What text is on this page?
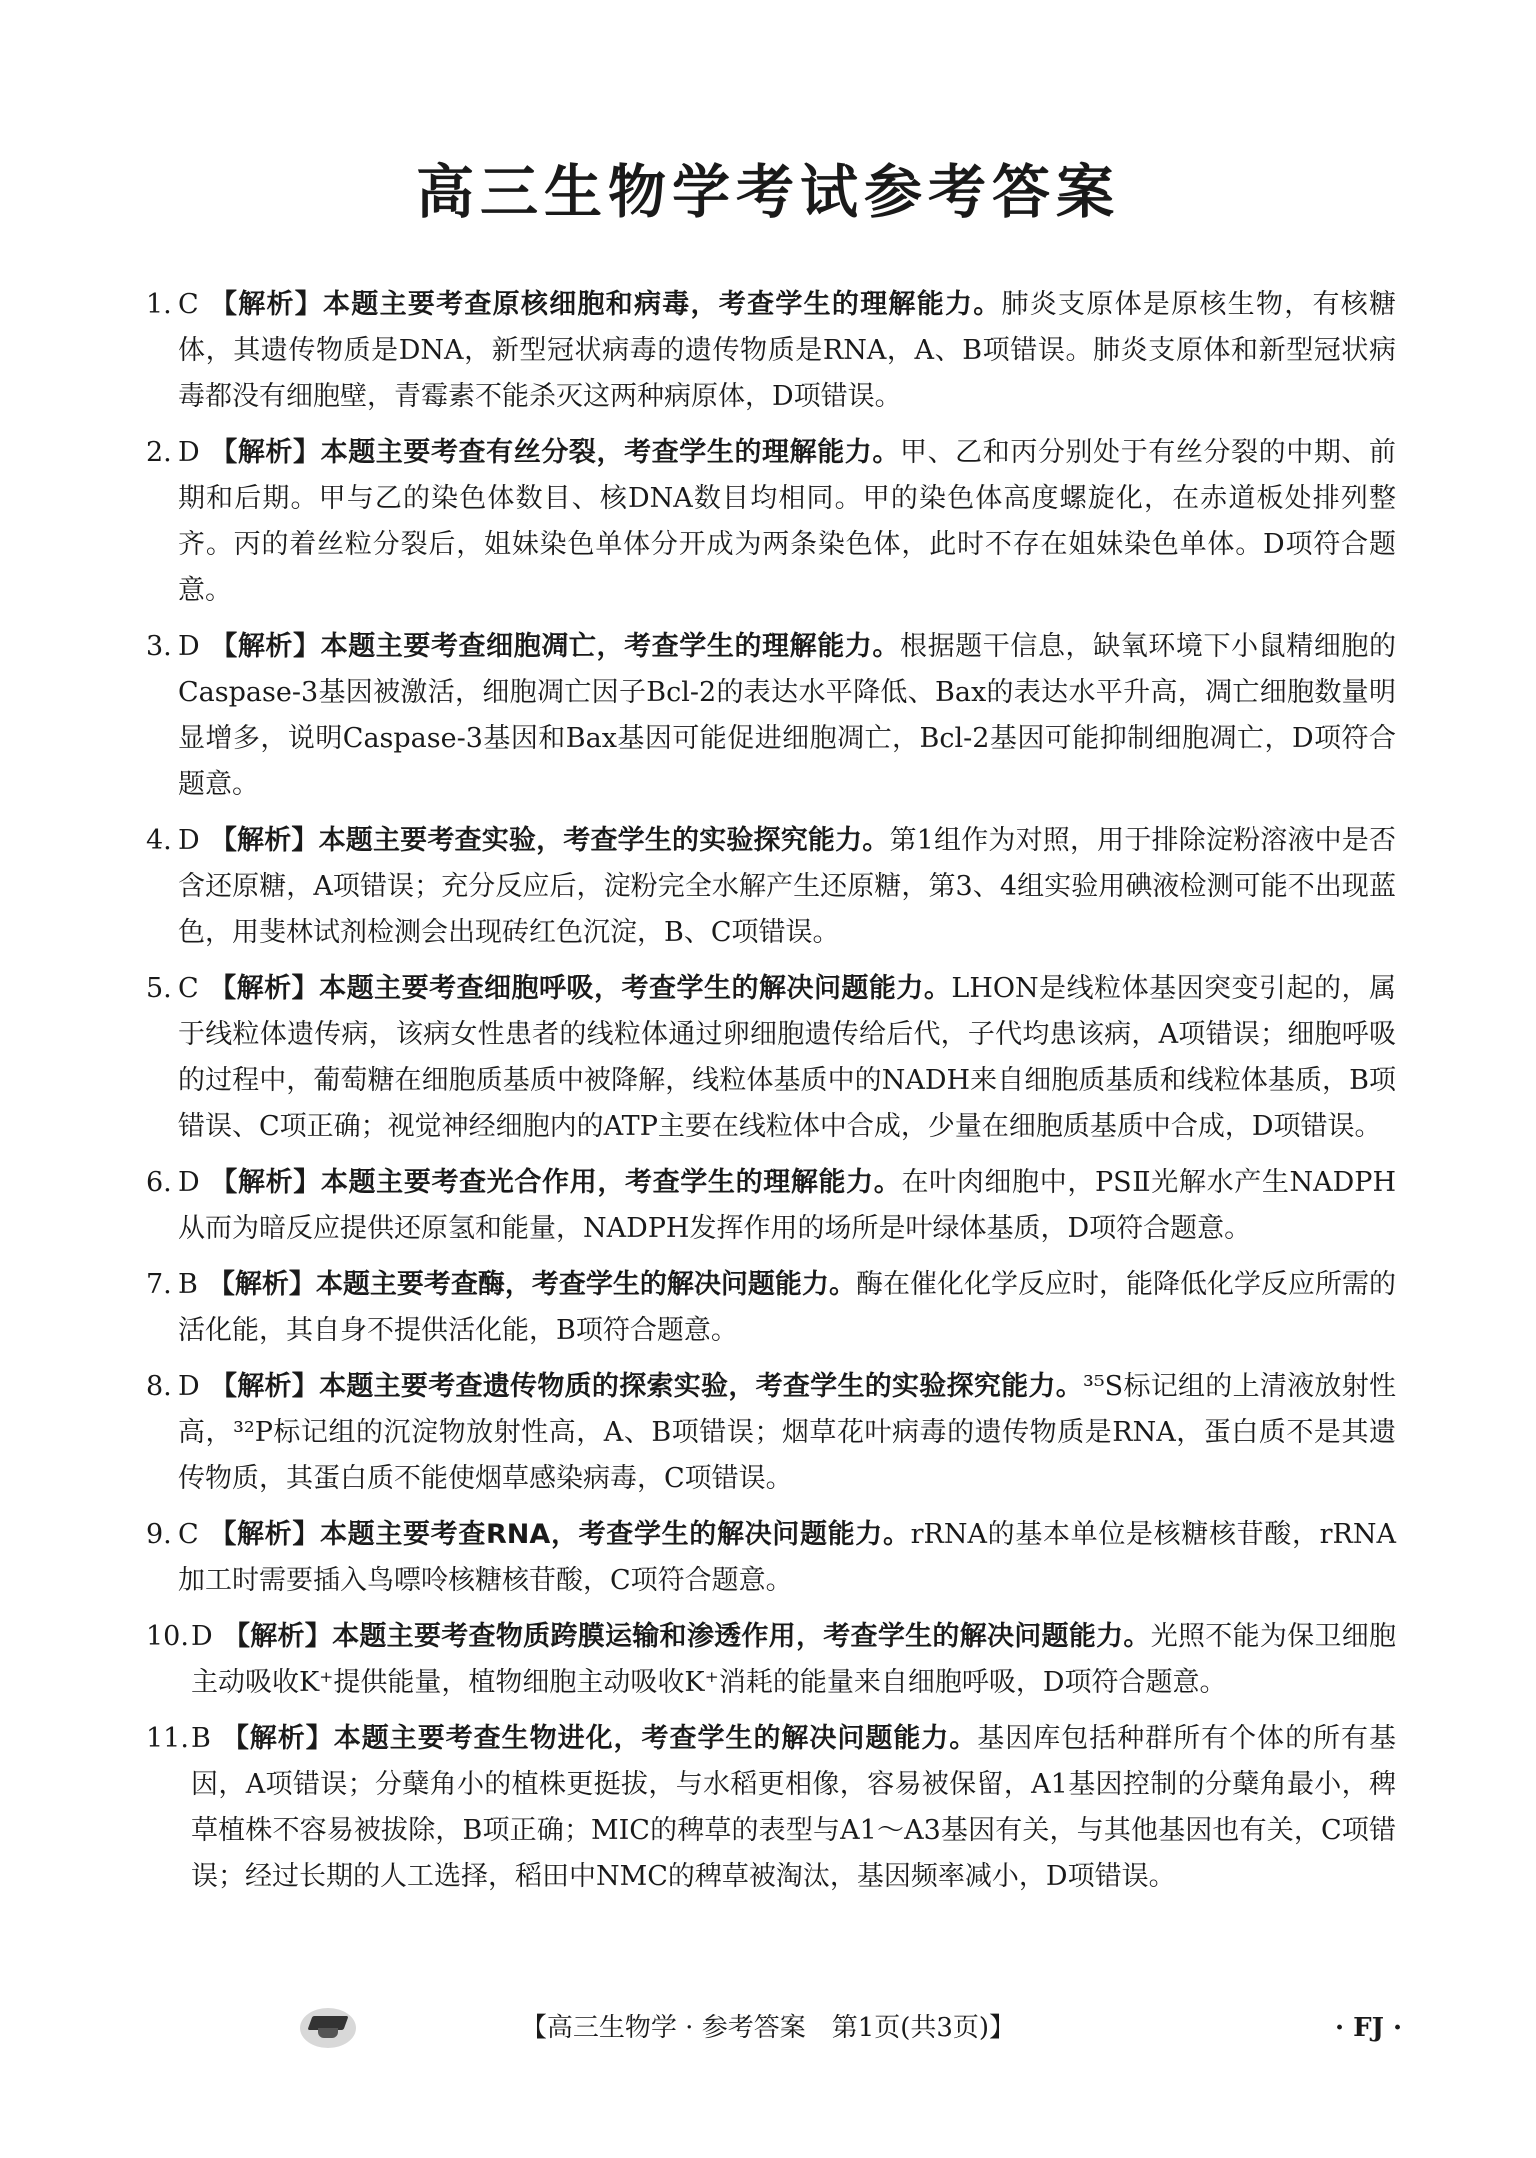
高三生物学考试参考答案
1. C 【解析】本题主要考查原核细胞和病毒，考查学生的理解能力。肺炎支原体是原核生物，有核糖体，其遗传物质是DNA，新型冠状病毒的遗传物质是RNA，A、B项错误。肺炎支原体和新型冠状病毒都没有细胞壁，青霉素不能杀灭这两种病原体，D项错误。
2. D 【解析】本题主要考查有丝分裂，考查学生的理解能力。甲、乙和丙分别处于有丝分裂的中期、前期和后期。甲与乙的染色体数目、核DNA数目均相同。甲的染色体高度螺旋化，在赤道板处排列整齐。丙的着丝粒分裂后，姐妹染色单体分开成为两条染色体，此时不存在姐妹染色单体。D项符合题意。
3. D 【解析】本题主要考查细胞凋亡，考查学生的理解能力。根据题干信息，缺氧环境下小鼠精细胞的Caspase-3基因被激活，细胞凋亡因子Bcl-2的表达水平降低、Bax的表达水平升高，凋亡细胞数量明显增多，说明Caspase-3基因和Bax基因可能促进细胞凋亡，Bcl-2基因可能抑制细胞凋亡，D项符合题意。
4. D 【解析】本题主要考查实验，考查学生的实验探究能力。第1组作为对照，用于排除淀粉溶液中是否含还原糖，A项错误；充分反应后，淀粉完全水解产生还原糖，第3、4组实验用碘液检测可能不出现蓝色，用斐林试剂检测会出现砖红色沉淀，B、C项错误。
5. C 【解析】本题主要考查细胞呼吸，考查学生的解决问题能力。LHON是线粒体基因突变引起的，属于线粒体遗传病，该病女性患者的线粒体通过卵细胞遗传给后代，子代均患该病，A项错误；细胞呼吸的过程中，葡萄糖在细胞质基质中被降解，线粒体基质中的NADH来自细胞质基质和线粒体基质，B项错误、C项正确；视觉神经细胞内的ATP主要在线粒体中合成，少量在细胞质基质中合成，D项错误。
6. D 【解析】本题主要考查光合作用，考查学生的理解能力。在叶肉细胞中，PSⅡ光解水产生NADPH从而为暗反应提供还原氢和能量，NADPH发挥作用的场所是叶绿体基质，D项符合题意。
7. B 【解析】本题主要考查酶，考查学生的解决问题能力。酶在催化化学反应时，能降低化学反应所需的活化能，其自身不提供活化能，B项符合题意。
8. D 【解析】本题主要考查遗传物质的探索实验，考查学生的实验探究能力。³⁵S标记组的上清液放射性高，³²P标记组的沉淀物放射性高，A、B项错误；烟草花叶病毒的遗传物质是RNA，蛋白质不是其遗传物质，其蛋白质不能使烟草感染病毒，C项错误。
9. C 【解析】本题主要考查RNA，考查学生的解决问题能力。rRNA的基本单位是核糖核苷酸，rRNA加工时需要插入鸟嘌呤核糖核苷酸，C项符合题意。
10. D 【解析】本题主要考查物质跨膜运输和渗透作用，考查学生的解决问题能力。光照不能为保卫细胞主动吸收K⁺提供能量，植物细胞主动吸收K⁺消耗的能量来自细胞呼吸，D项符合题意。
11. B 【解析】本题主要考查生物进化，考查学生的解决问题能力。基因库包括种群所有个体的所有基因，A项错误；分蘖角小的植株更挺拔，与水稻更相像，容易被保留，A1基因控制的分蘖角最小，稗草植株不容易被拔除，B项正确；MIC的稗草的表型与A1～A3基因有关，与其他基因也有关，C项错误；经过长期的人工选择，稻田中NMC的稗草被淘汰，基因频率减小，D项错误。
【高三生物学 · 参考答案　第1页(共3页)】	· FJ ·
